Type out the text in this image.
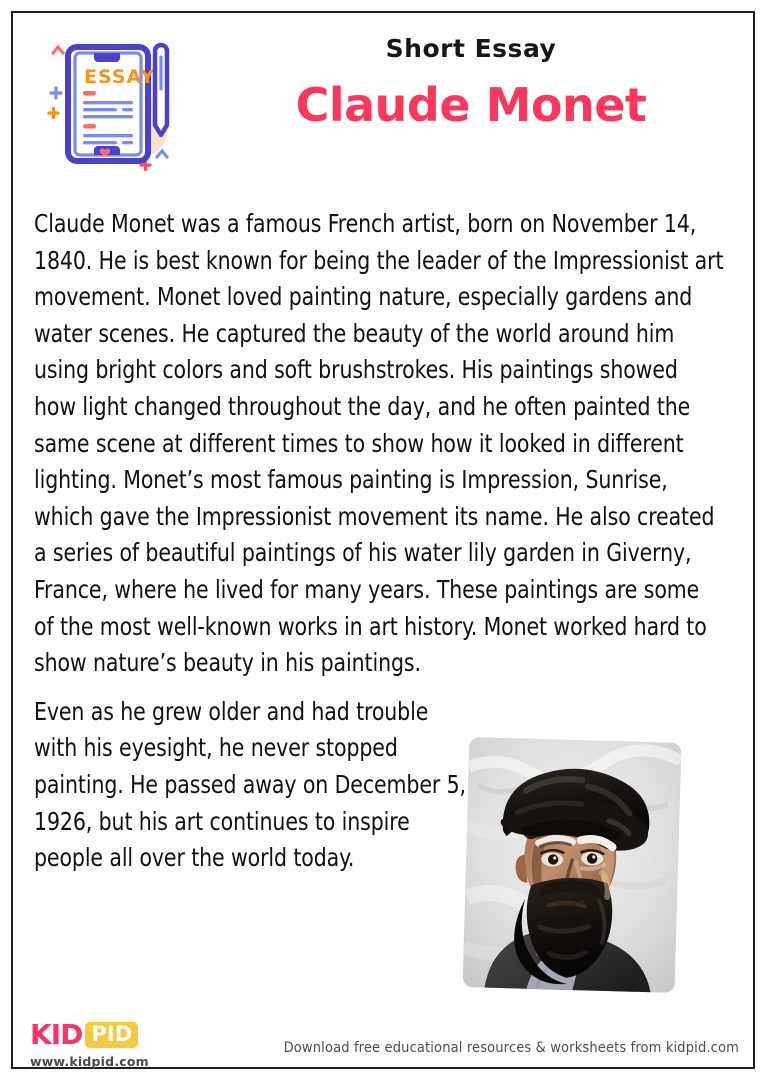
ESSAY
Short Essay
Claude Monet

Claude Monet was a famous French artist, born on November 14, 1840. He is best known for being the leader of the Impressionist art movement. Monet loved painting nature, especially gardens and water scenes. He captured the beauty of the world around him using bright colors and soft brushstrokes. His paintings showed how light changed throughout the day, and he often painted the same scene at different times to show how it looked in different lighting. Monet’s most famous painting is Impression, Sunrise, which gave the Impressionist movement its name. He also created a series of beautiful paintings of his water lily garden in Giverny, France, where he lived for many years. These paintings are some of the most well-known works in art history. Monet worked hard to show nature’s beauty in his paintings.

Even as he grew older and had trouble with his eyesight, he never stopped painting. He passed away on December 5, 1926, but his art continues to inspire people all over the world today.

KID PID
www.kidpid.com
Download free educational resources & worksheets from kidpid.com
